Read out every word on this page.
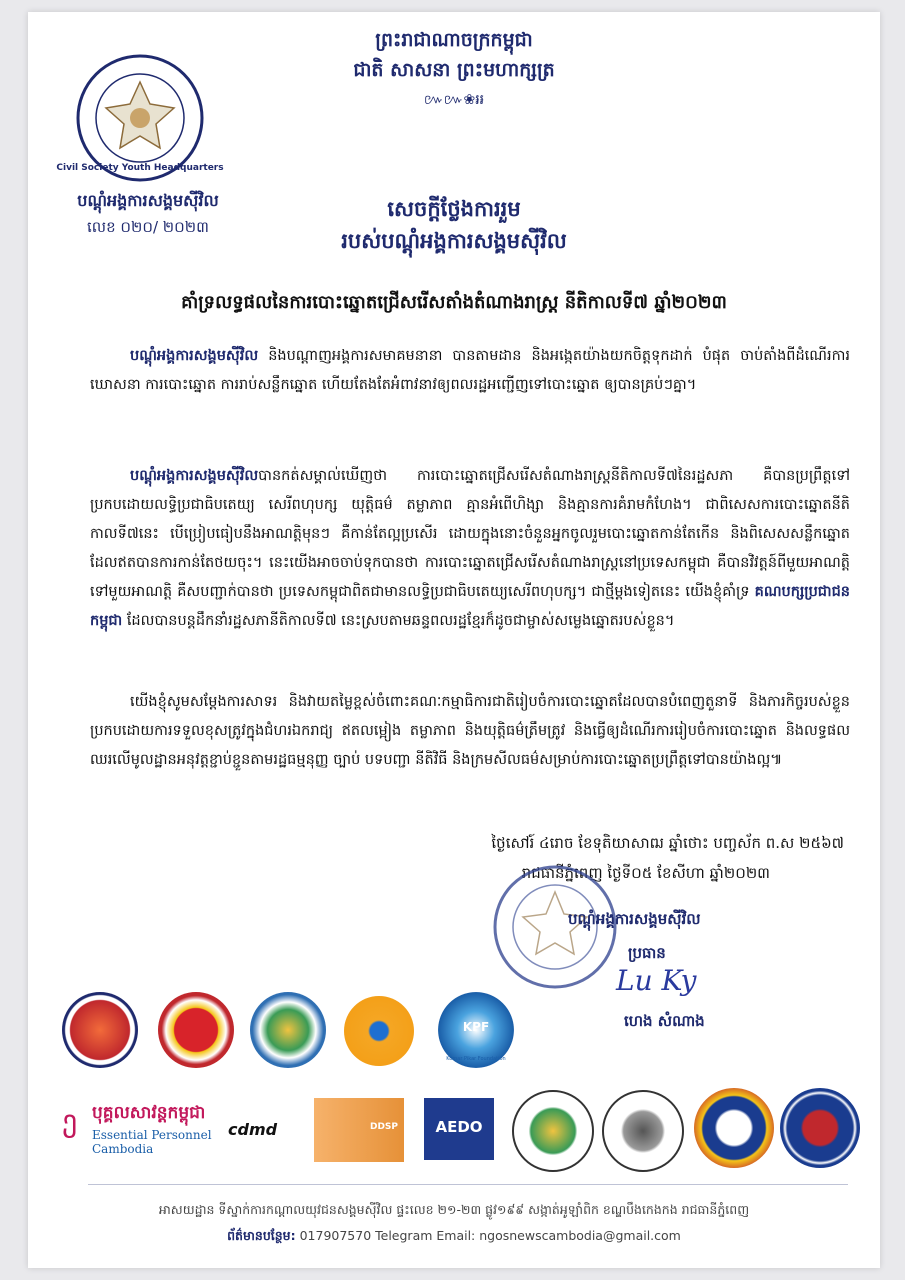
Civil Society Youth Headquarters
ព្រះរាជាណាចក្រកម្ពុជា
ជាតិ សាសនា ព្រះមហាក្សត្រ
៚៚❀៛៛
បណ្ដុំអង្គការសង្គមស៊ីវិល
លេខ ០២០/ ២០២៣
សេចក្ដីថ្លែងការរួម
របស់បណ្ដុំអង្គការសង្គមស៊ីវិល
គាំទ្រលទ្ធផលនៃការបោះឆ្នោតជ្រើសរើសតាំងតំណាងរាស្រ្ត នីតិកាលទី៧ ឆ្នាំ២០២៣
បណ្ដុំអង្គការសង្គមស៊ីវិល និងបណ្តាញអង្គការសមាគមនានា បានតាមដាន និងអង្កេតយ៉ាងយកចិត្តទុកដាក់ បំផុត ចាប់តាំងពីដំណើរការឃោសនា ការបោះឆ្នោត ការរាប់សន្លឹកឆ្នោត ហើយតែងតែអំពាវនាវឲ្យពលរដ្ឋអញ្ជើញទៅបោះឆ្នោត ឲ្យបានគ្រប់ៗគ្នា។
បណ្ដុំអង្គការសង្គមស៊ីវិលបានកត់សម្គាល់ឃើញថា ការបោះឆ្នោតជ្រើសរើសតំណាងរាស្រ្តនីតិកាលទី៧នៃរដ្ឋសភា គឺបានប្រព្រឹត្តទៅប្រកបដោយលទ្ធិប្រជាធិបតេយ្យ សេរីពហុបក្ស យុត្តិធម៌ តម្លាភាព គ្មានអំពើហិង្សា និងគ្មានការគំរាមកំហែង។ ជាពិសេសការបោះឆ្នោតនីតិកាលទី៧នេះ បើប្រៀបធៀបនឹងអាណត្តិមុនៗ គឺកាន់តែល្អប្រសើរ ដោយក្នុងនោះចំនួនអ្នកចូលរួមបោះឆ្នោតកាន់តែកើន និងពិសេសសន្លឹកឆ្នោតដែលឥតបានការកាន់តែថយចុះ។ នេះយើងអាចចាប់ទុកបានថា ការបោះឆ្នោតជ្រើសរើសតំណាងរាស្រ្តនៅប្រទេសកម្ពុជា គឺបានវិវត្តន៍ពីមួយអាណត្តិទៅមួយអាណត្តិ គឺសបញ្ជាក់បានថា ប្រទេសកម្ពុជាពិតជាមានលទ្ធិប្រជាធិបតេយ្យសេរីពហុបក្ស។ ជាថ្មីម្តងទៀតនេះ យើងខ្ញុំគាំទ្រ គណបក្សប្រជាជនកម្ពុជា ដែលបានបន្តដឹកនាំរដ្ឋសភានីតិកាលទី៧ នេះស្របតាមឆន្ទពលរដ្ឋខ្មែរក៏ដូចជាម្ចាស់សម្លេងឆ្នោតរបស់ខ្លួន។
យើងខ្ញុំសូមសម្ដែងការសាទរ និងវាយតម្លៃខ្ពស់ចំពោះគណៈកម្មាធិការជាតិរៀបចំការបោះឆ្នោតដែលបានបំពេញតួនាទី និងភារកិច្ចរបស់ខ្លួន ប្រកបដោយការទទួលខុសត្រូវក្នុងជំហរឯករាជ្យ ឥតលម្អៀង តម្លាភាព និងយុត្តិធម៌ត្រឹមត្រូវ និងធ្វើឲ្យដំណើរការរៀបចំការបោះឆ្នោត និងលទ្ធផល ឈរលើមូលដ្ឋានអនុវត្តខ្ជាប់ខ្ជួនតាមរដ្ឋធម្មនុញ្ញ ច្បាប់ បទបញ្ជា នីតិវិធី និងក្រមសីលធម៌សម្រាប់ការបោះឆ្នោតប្រព្រឹត្តទៅបានយ៉ាងល្អ៕
ថ្ងៃសៅរ៍ ៤រោច ខែទុតិយាសាឍ ឆ្នាំថោះ បញ្ចស័ក ព.ស ២៥៦៧
រាជធានីភ្នំពេញ ថ្ងៃទី០៥ ខែសីហា ឆ្នាំ២០២៣
បណ្ដុំអង្គការសង្គមស៊ីវិល
ប្រធាន
Lu Ky
ហេង សំណាង
KPF
Komar Pikar Foundation
ე បុគ្គលសាវន្តកម្ពុជា
Essential Personnel Cambodia
cdmd	DDSP	AEDO
អាសយដ្ឋាន ទីស្នាក់ការកណ្ដាលយុវជនសង្គមស៊ីវិល ផ្ទះលេខ ២១-២៣ ផ្លូវ១៩៩ សង្កាត់អូឡាំពិក ខណ្ឌបឹងកេងកង រាជធានីភ្នំពេញ
ព័ត៌មានបន្ថែម: 017907570 Telegram Email: ngosnewscambodia@gmail.com
